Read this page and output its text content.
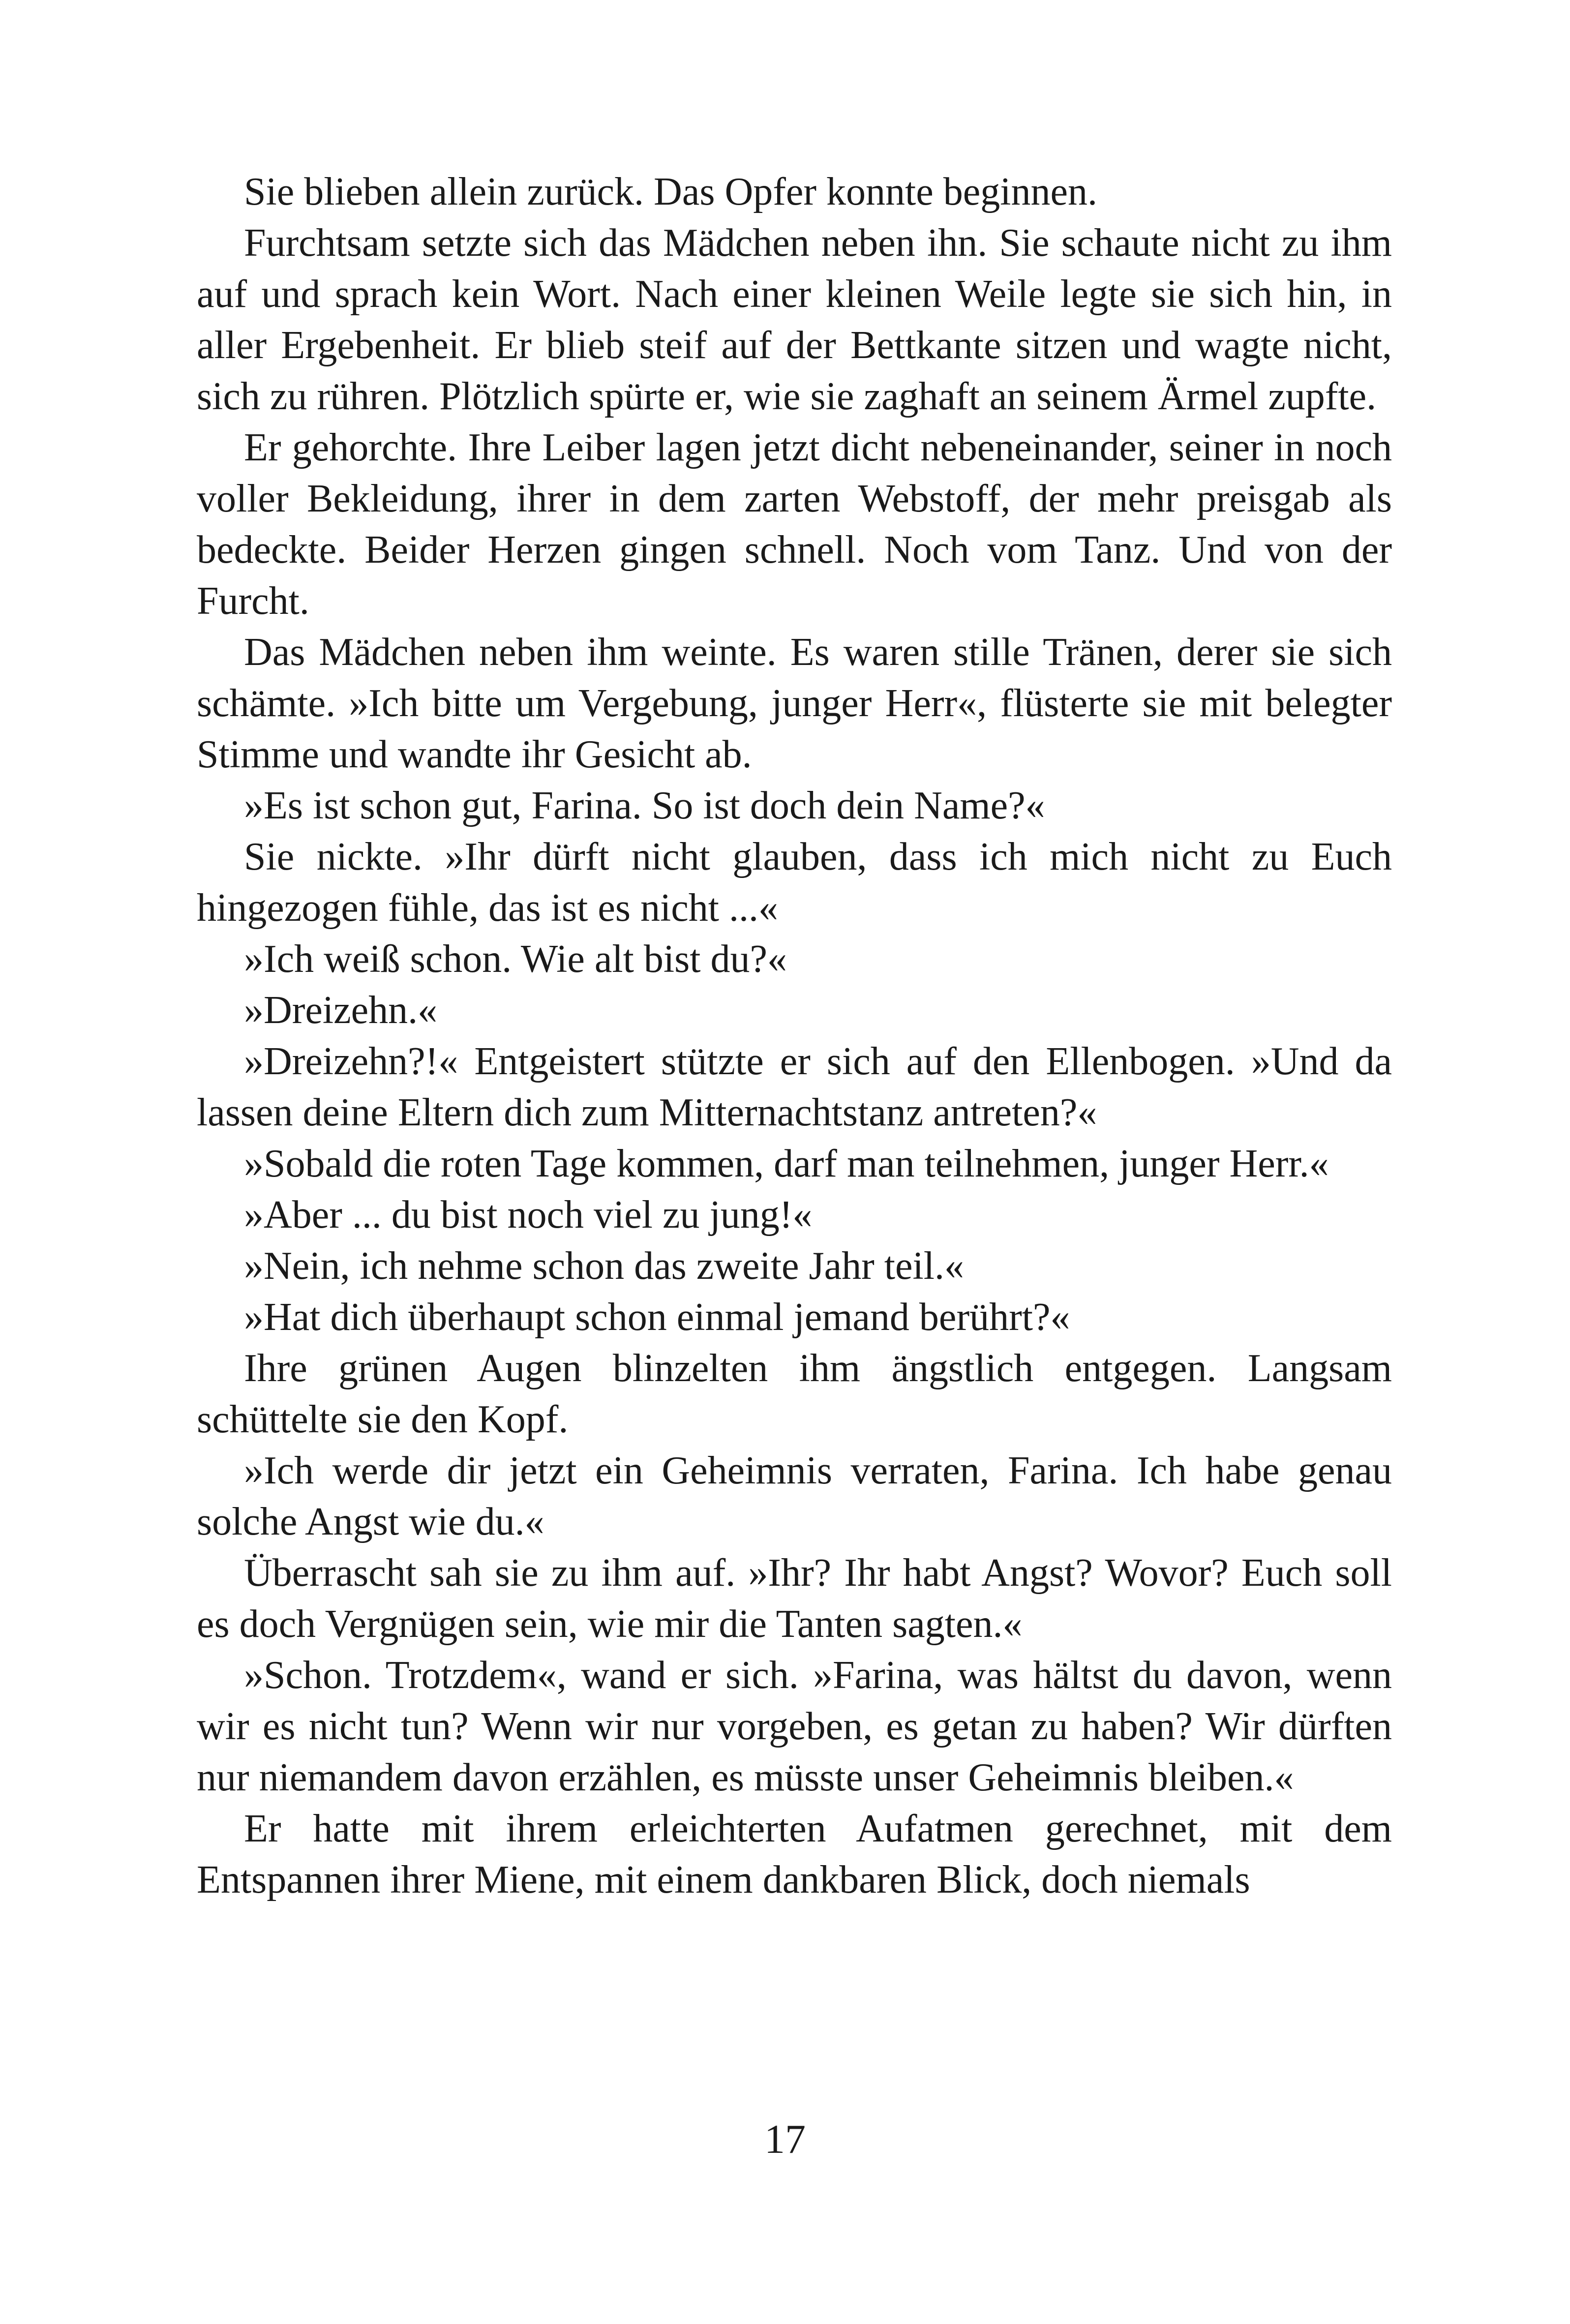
Sie blieben allein zurück. Das Opfer konnte beginnen.

Furchtsam setzte sich das Mädchen neben ihn. Sie schaute nicht zu ihm auf und sprach kein Wort. Nach einer kleinen Weile legte sie sich hin, in aller Ergebenheit. Er blieb steif auf der Bettkante sitzen und wagte nicht, sich zu rühren. Plötzlich spürte er, wie sie zaghaft an seinem Ärmel zupfte.

Er gehorchte. Ihre Leiber lagen jetzt dicht nebeneinander, seiner in noch voller Bekleidung, ihrer in dem zarten Webstoff, der mehr preisgab als bedeckte. Beider Herzen gingen schnell. Noch vom Tanz. Und von der Furcht.

Das Mädchen neben ihm weinte. Es waren stille Tränen, derer sie sich schämte. »Ich bitte um Vergebung, junger Herr«, flüsterte sie mit belegter Stimme und wandte ihr Gesicht ab.

»Es ist schon gut, Farina. So ist doch dein Name?«

Sie nickte. »Ihr dürft nicht glauben, dass ich mich nicht zu Euch hingezogen fühle, das ist es nicht ...«

»Ich weiß schon. Wie alt bist du?«

»Dreizehn.«

»Dreizehn?!« Entgeistert stützte er sich auf den Ellenbogen. »Und da lassen deine Eltern dich zum Mitternachtstanz antreten?«

»Sobald die roten Tage kommen, darf man teilnehmen, junger Herr.«

»Aber ... du bist noch viel zu jung!«

»Nein, ich nehme schon das zweite Jahr teil.«

»Hat dich überhaupt schon einmal jemand berührt?«

Ihre grünen Augen blinzelten ihm ängstlich entgegen. Langsam schüttelte sie den Kopf.

»Ich werde dir jetzt ein Geheimnis verraten, Farina. Ich habe genau solche Angst wie du.«

Überrascht sah sie zu ihm auf. »Ihr? Ihr habt Angst? Wovor? Euch soll es doch Vergnügen sein, wie mir die Tanten sagten.«

»Schon. Trotzdem«, wand er sich. »Farina, was hältst du davon, wenn wir es nicht tun? Wenn wir nur vorgeben, es getan zu haben? Wir dürften nur niemandem davon erzählen, es müsste unser Geheimnis bleiben.«

Er hatte mit ihrem erleichterten Aufatmen gerechnet, mit dem Entspannen ihrer Miene, mit einem dankbaren Blick, doch niemals

17
